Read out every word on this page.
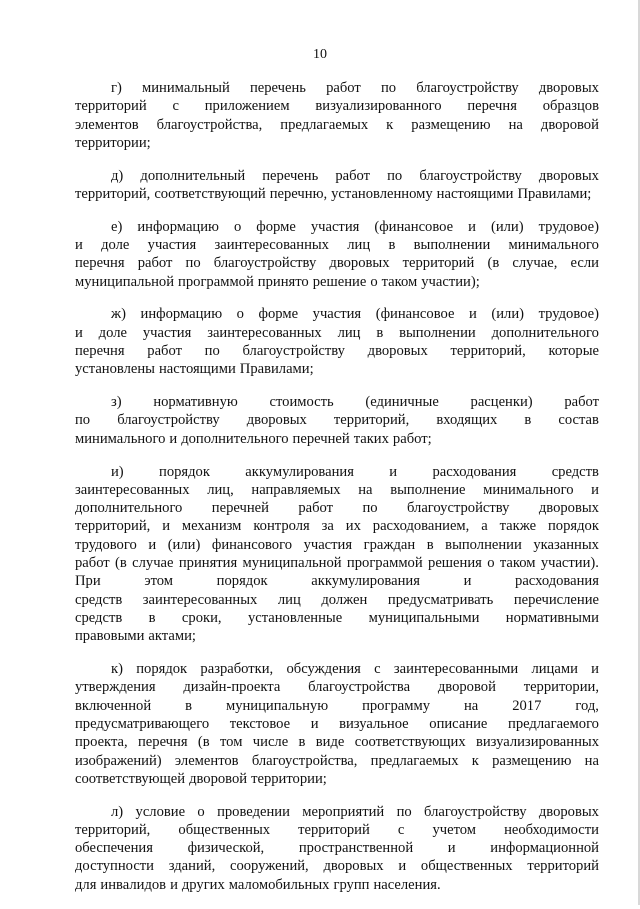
10
г) минимальный перечень работ по благоустройству дворовых
территорий с приложением визуализированного перечня образцов
элементов благоустройства, предлагаемых к размещению на дворовой
территории;
д) дополнительный перечень работ по благоустройству дворовых
территорий, соответствующий перечню, установленному настоящими Правилами;
е) информацию о форме участия (финансовое и (или) трудовое)
и доле участия заинтересованных лиц в выполнении минимального
перечня работ по благоустройству дворовых территорий (в случае, если
муниципальной программой принято решение о таком участии);
ж) информацию о форме участия (финансовое и (или) трудовое)
и доле участия заинтересованных лиц в выполнении дополнительного
перечня работ по благоустройству дворовых территорий, которые
установлены настоящими Правилами;
з) нормативную стоимость (единичные расценки) работ
по благоустройству дворовых территорий, входящих в состав
минимального и дополнительного перечней таких работ;
и) порядок аккумулирования и расходования средств
заинтересованных лиц, направляемых на выполнение минимального и
дополнительного перечней работ по благоустройству дворовых
территорий, и механизм контроля за их расходованием, а также порядок
трудового и (или) финансового участия граждан в выполнении указанных
работ (в случае принятия муниципальной программой решения о таком участии).
При	этом	порядок	аккумулирования	и	расходования
средств заинтересованных лиц должен предусматривать перечисление
средств в сроки, установленные муниципальными нормативными
правовыми актами;
к) порядок разработки, обсуждения с заинтересованными лицами и
утверждения дизайн-проекта благоустройства дворовой территории,
включенной в муниципальную программу на 2017 год,
предусматривающего текстовое и визуальное описание предлагаемого
проекта, перечня (в том числе в виде соответствующих визуализированных
изображений) элементов благоустройства, предлагаемых к размещению на
соответствующей дворовой территории;
л) условие о проведении мероприятий по благоустройству дворовых
территорий, общественных территорий с учетом необходимости
обеспечения физической, пространственной и информационной
доступности зданий, сооружений, дворовых и общественных территорий
для инвалидов и других маломобильных групп населения.
